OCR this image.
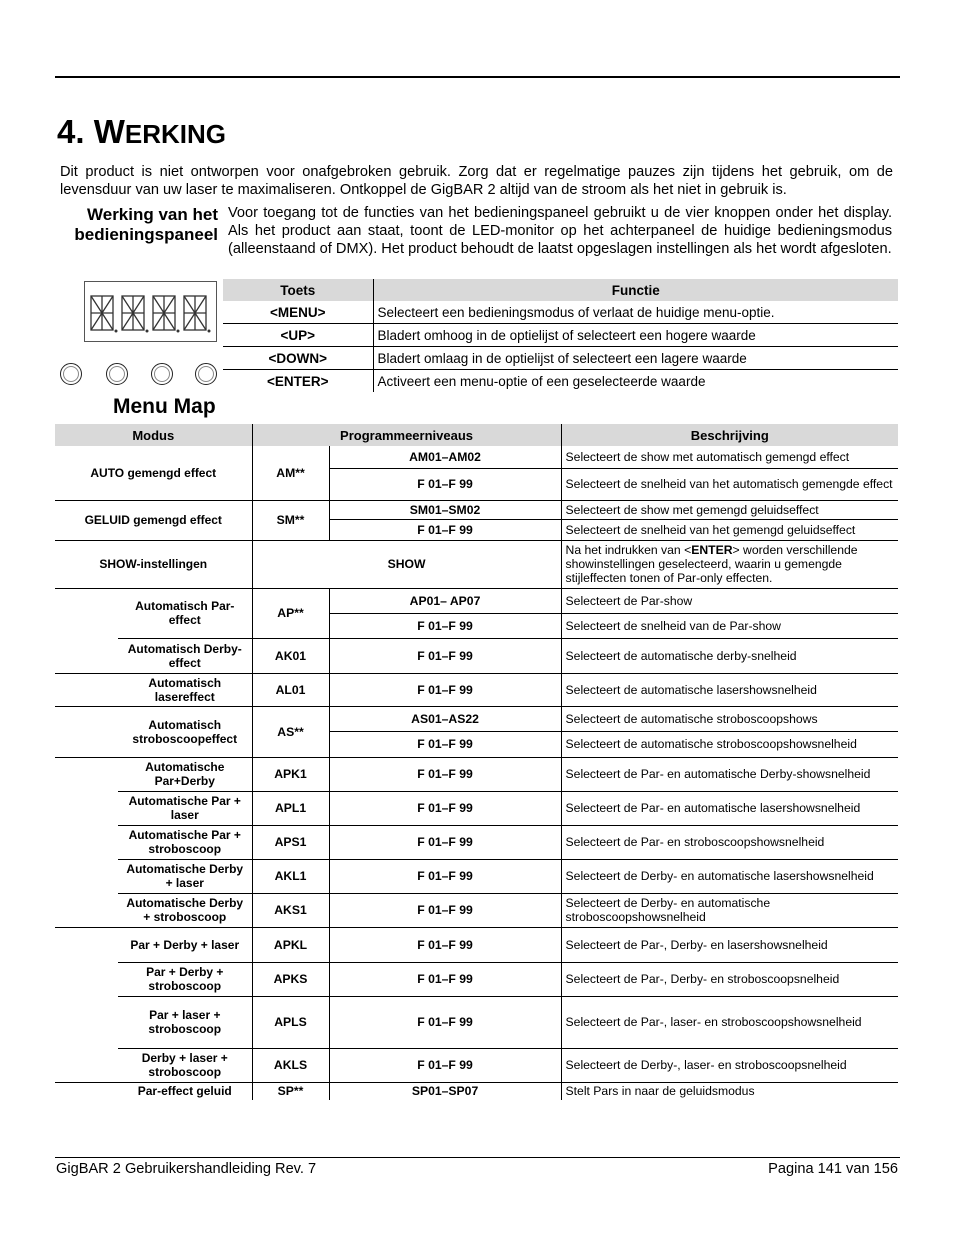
4. WERKING

Dit product is niet ontworpen voor onafgebroken gebruik. Zorg dat er regelmatige pauzes zijn tijdens het gebruik, om de levensduur van uw laser te maximaliseren. Ontkoppel de GigBAR 2 altijd van de stroom als het niet in gebruik is.

Werking van het bedieningspaneel

Voor toegang tot de functies van het bedieningspaneel gebruikt u de vier knoppen onder het display. Als het product aan staat, toont de LED-monitor op het achterpaneel de huidige bedieningsmodus (alleenstaand of DMX). Het product behoudt de laatst opgeslagen instellingen als het wordt afgesloten.

Toets	Functie
<MENU>	Selecteert een bedieningsmodus of verlaat de huidige menu-optie.
<UP>	Bladert omhoog in de optielijst of selecteert een hogere waarde
<DOWN>	Bladert omlaag in de optielijst of selecteert een lagere waarde
<ENTER>	Activeert een menu-optie of een geselecteerde waarde
Menu Map
Modus		Programmeerniveaus		Beschrijving
AUTO gemengd effect		AM**	AM01–AM02	Selecteert de show met automatisch gemengd effect
			F 01–F 99	Selecteert de snelheid van het automatisch gemengde effect
GELUID gemengd effect		SM**	SM01–SM02	Selecteert de show met gemengd geluidseffect
			F 01–F 99	Selecteert de snelheid van het gemengd geluidseffect
SHOW-instellingen		SHOW		Na het indrukken van <ENTER> worden verschillende showinstellingen geselecteerd, waarin u gemengde stijleffecten tonen of Par-only effecten.
	Automatisch Par-effect	AP**	AP01– AP07	Selecteert de Par-show
			F 01–F 99	Selecteert de snelheid van de Par-show
	Automatisch Derby-effect	AK01	F 01–F 99	Selecteert de automatische derby-snelheid
	Automatisch lasereffect	AL01	F 01–F 99	Selecteert de automatische lasershowsnelheid
	Automatisch stroboscoopeffect	AS**	AS01–AS22	Selecteert de automatische stroboscoopshows
			F 01–F 99	Selecteert de automatische stroboscoopshowsnelheid
	Automatische Par+Derby	APK1	F 01–F 99	Selecteert de Par- en automatische Derby-showsnelheid
	Automatische Par + laser	APL1	F 01–F 99	Selecteert de Par- en automatische lasershowsnelheid
	Automatische Par + stroboscoop	APS1	F 01–F 99	Selecteert de Par- en stroboscoopshowsnelheid
	Automatische Derby + laser	AKL1	F 01–F 99	Selecteert de Derby- en automatische lasershowsnelheid
	Automatische Derby + stroboscoop	AKS1	F 01–F 99	Selecteert de Derby- en automatische stroboscoopshowsnelheid
	Par + Derby + laser	APKL	F 01–F 99	Selecteert de Par-, Derby- en lasershowsnelheid
	Par + Derby + stroboscoop	APKS	F 01–F 99	Selecteert de Par-, Derby- en stroboscoopsnelheid
	Par + laser + stroboscoop	APLS	F 01–F 99	Selecteert de Par-, laser- en stroboscoopshowsnelheid
	Derby + laser + stroboscoop	AKLS	F 01–F 99	Selecteert de Derby-, laser- en stroboscoopsnelheid
	Par-effect geluid	SP**	SP01–SP07	Stelt Pars in naar de geluidsmodus
GigBAR 2 Gebruikershandleiding Rev. 7	Pagina 141 van 156
